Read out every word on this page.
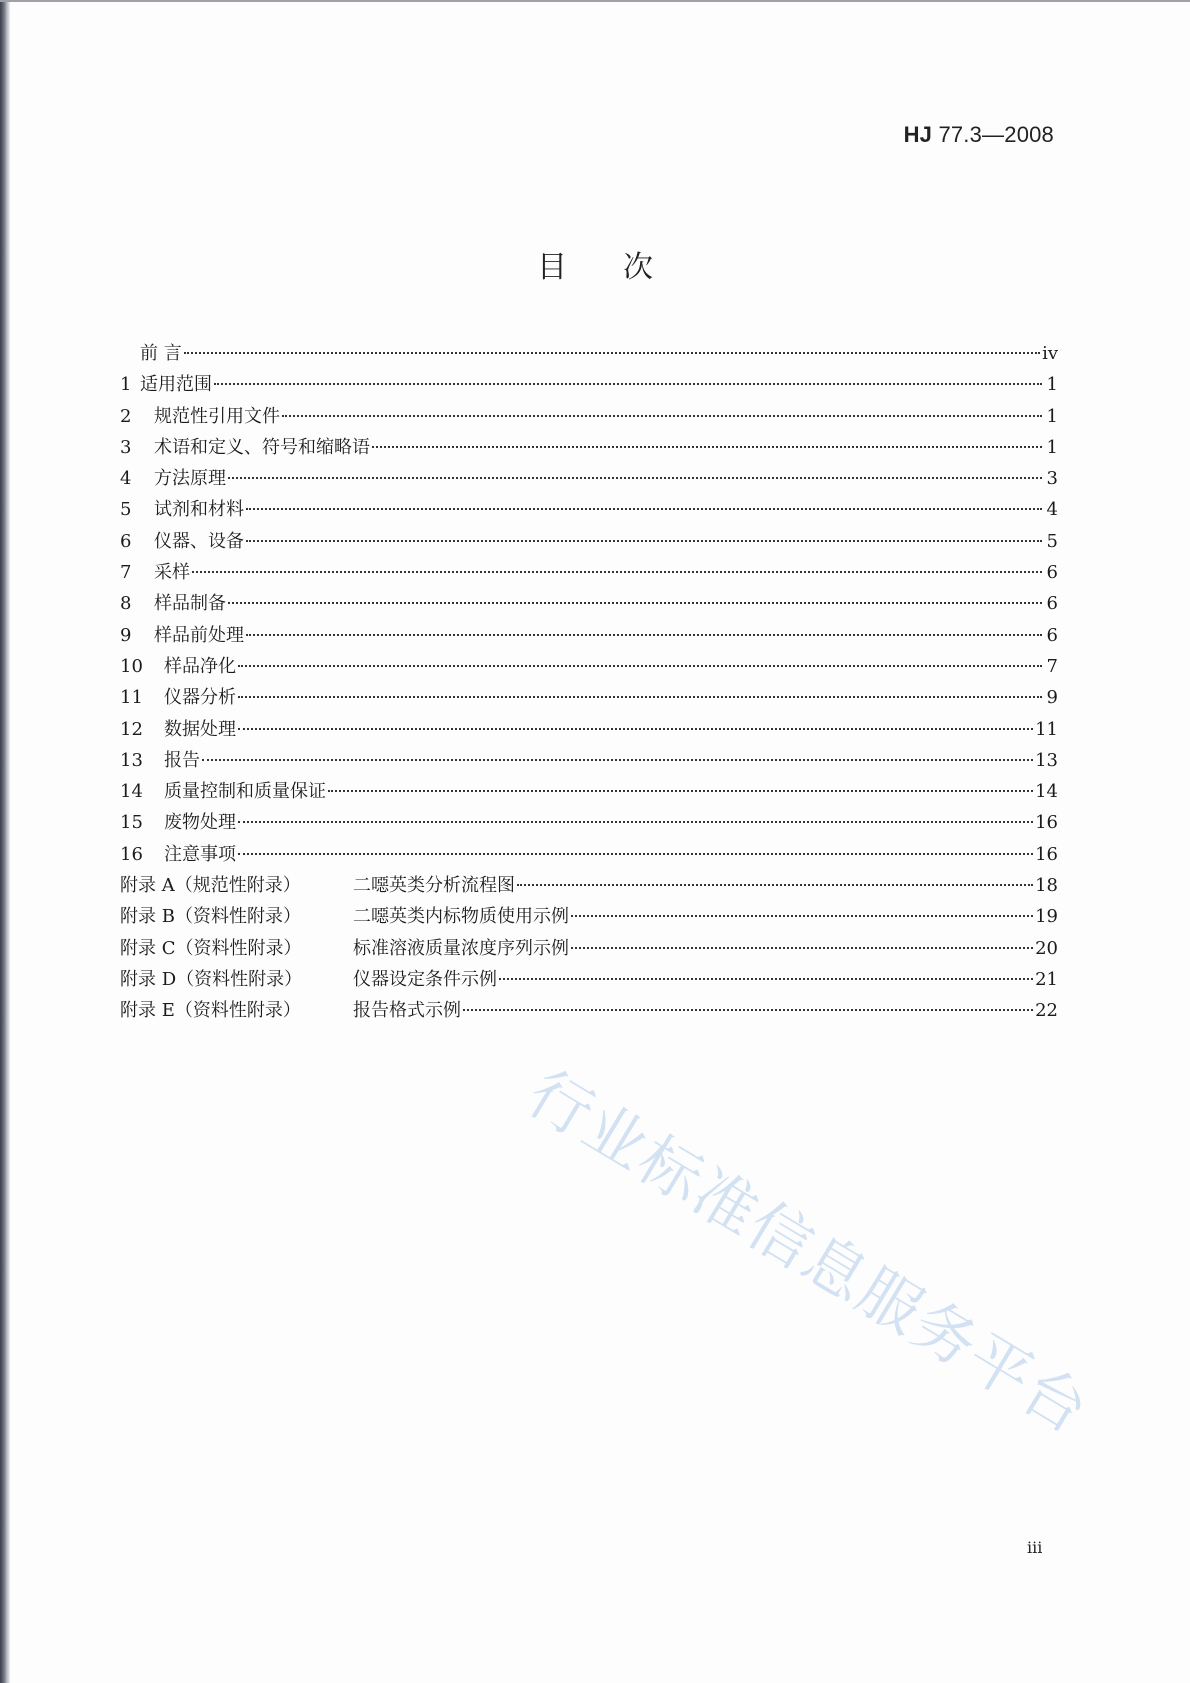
HJ 77.3—2008
目次
前 言	iv
1 适用范围	1
2	规范性引用文件	1
3	术语和定义、符号和缩略语	1
4	方法原理	3
5	试剂和材料	4
6	仪器、设备	5
7	采样	6
8	样品制备	6
9	样品前处理	6
10	样品净化	7
11	仪器分析	9
12	数据处理	11
13	报告	13
14	质量控制和质量保证	14
15	废物处理	16
16	注意事项	16
附录 A（规范性附录）	二噁英类分析流程图	18
附录 B（资料性附录）	二噁英类内标物质使用示例	19
附录 C（资料性附录）	标准溶液质量浓度序列示例	20
附录 D（资料性附录）	仪器设定条件示例	21
附录 E（资料性附录）	报告格式示例	22
行业标准信息服务平台
iii
